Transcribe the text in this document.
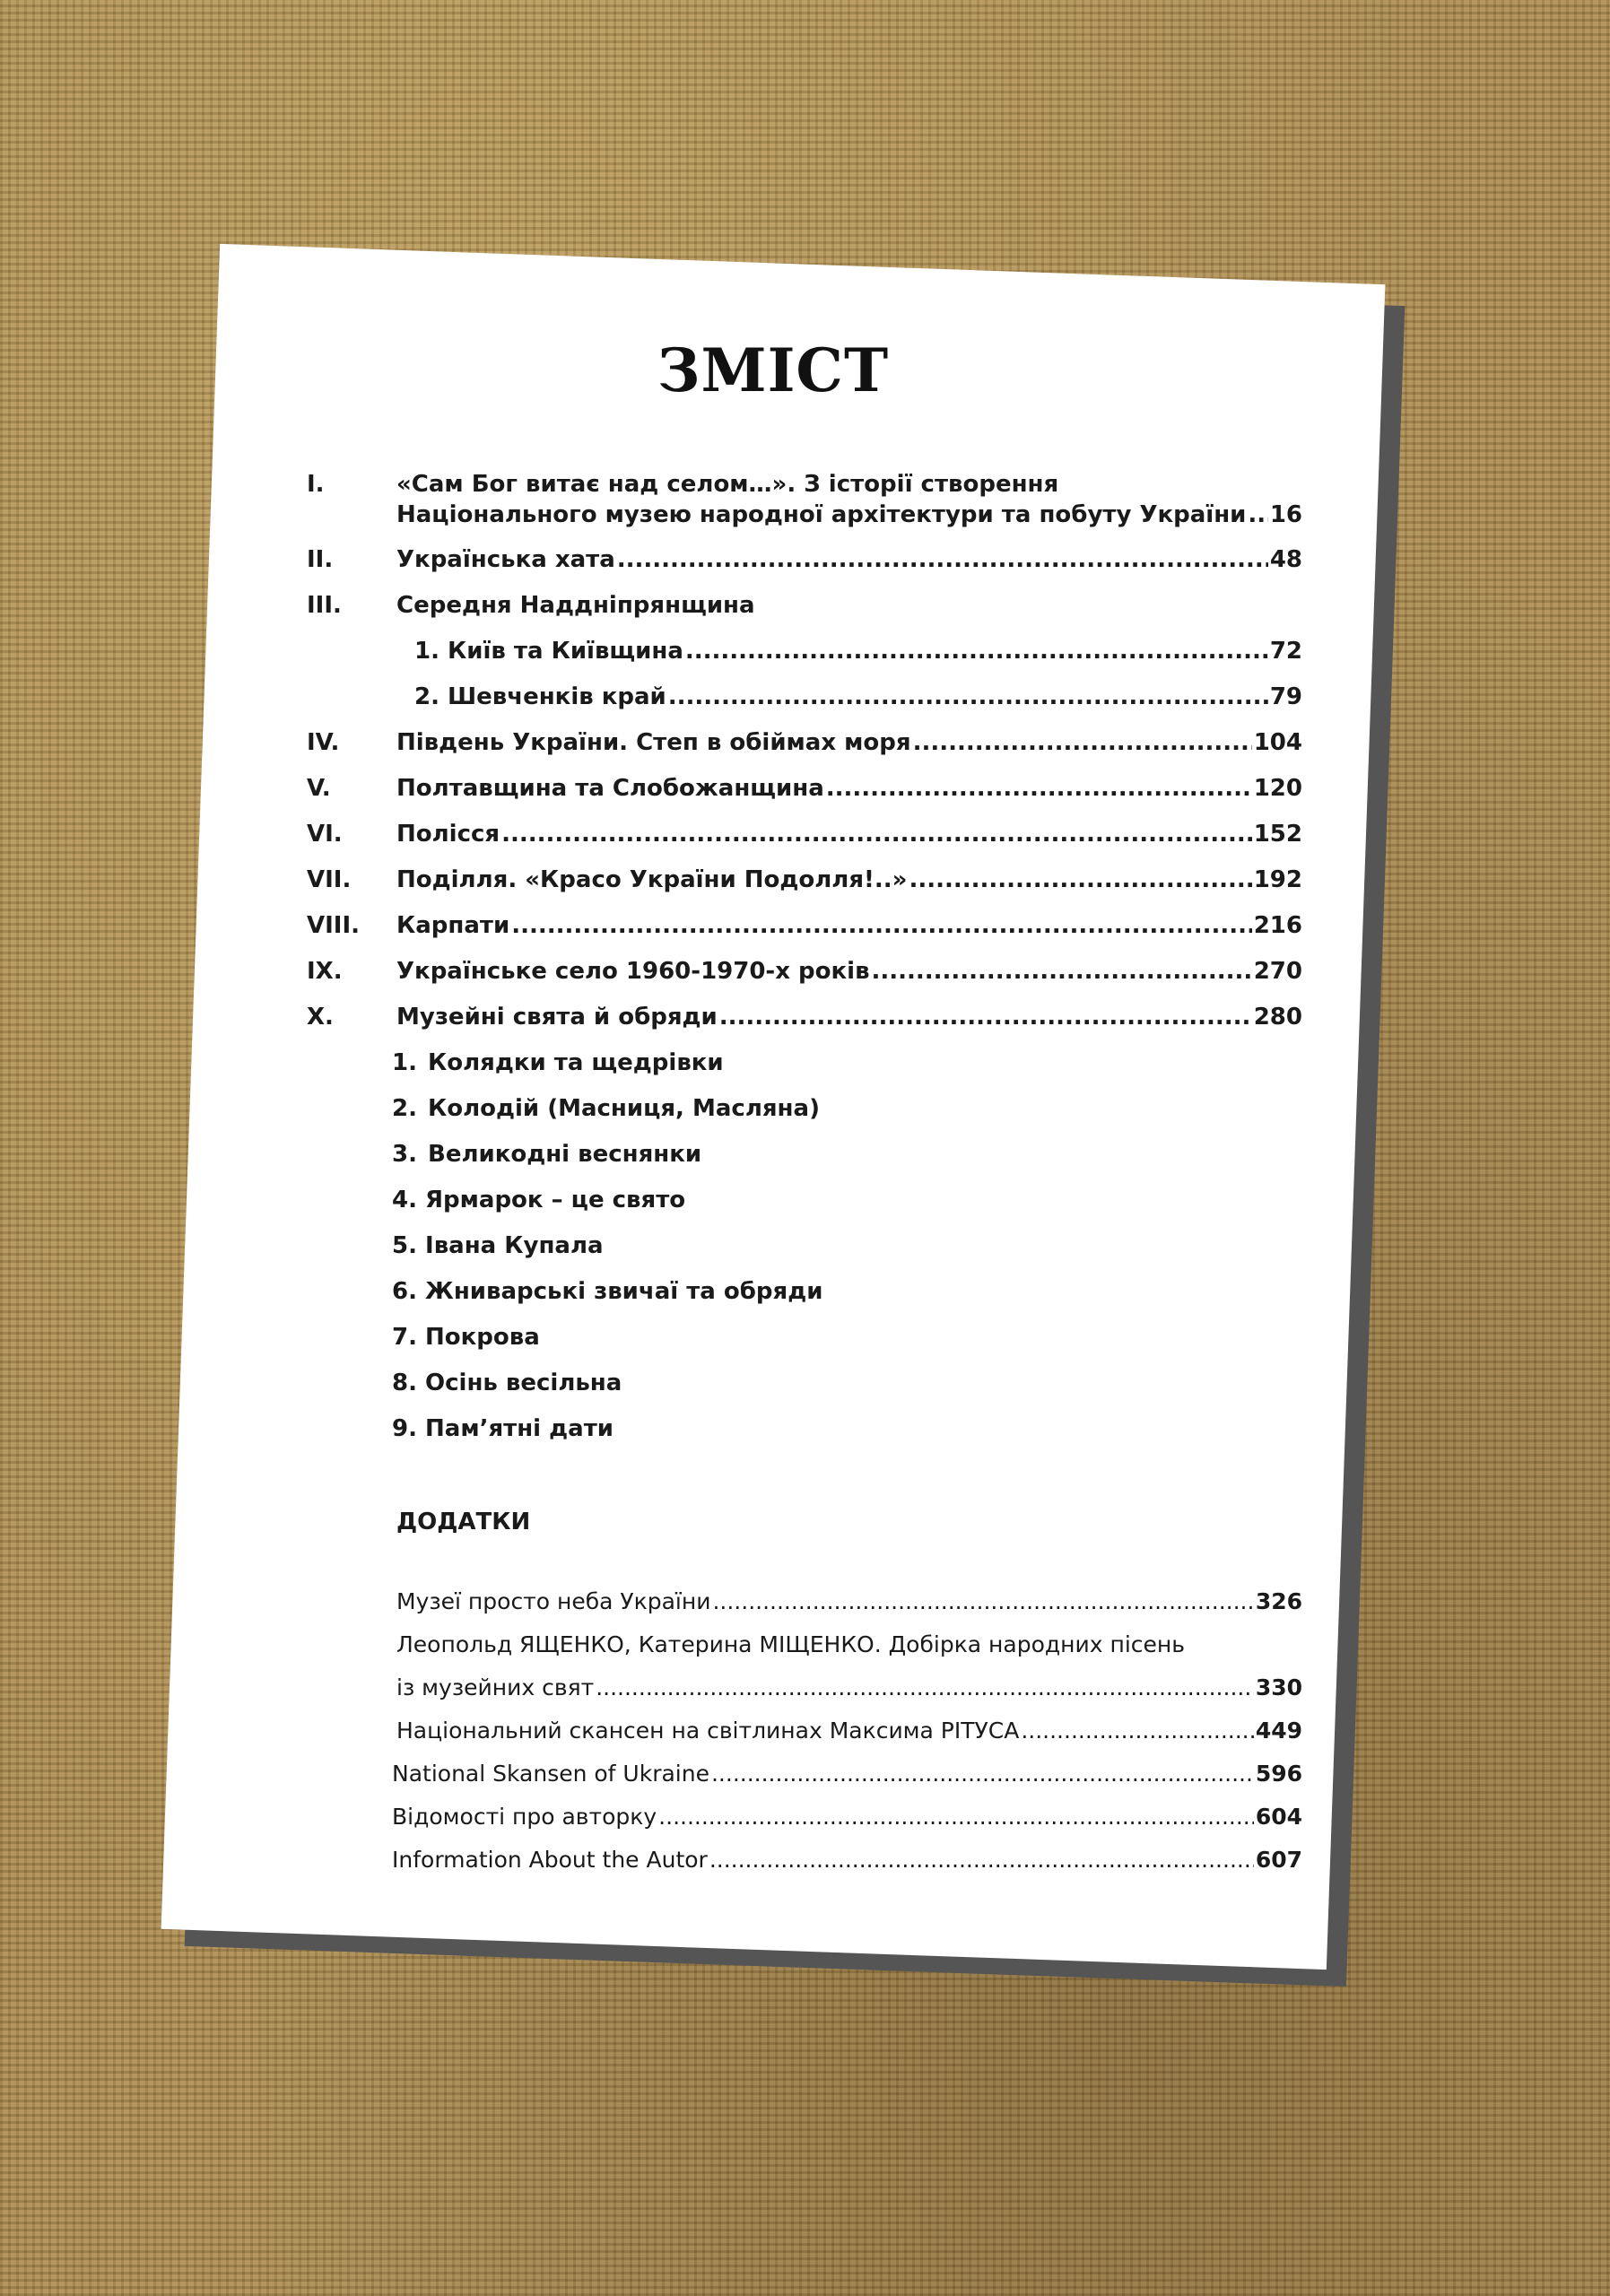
ЗМІСТ
I.	«Сам Бог витає над селом…». З історії створення
Національного музею народної архітектури та побуту України ..... 16
II.	Українська хата .....	48
III. Середня Наддніпрянщина
1. Київ та Київщина .....	72
2. Шевченків край .....	79
IV. Південь України. Степ в обіймах моря .....	104
V.	Полтавщина та Слобожанщина .....	120
VI. Полісся .....	152
VII. Поділля. «Красо України Подолля!..» .....	192
VIII. Карпати .....	216
IX. Українське село 1960-1970-х років .....	270
X.	Музейні свята й обряди .....	280
1. Колядки та щедрівки
2. Колодій (Масниця, Масляна)
3. Великодні веснянки
4. Ярмарок – це свято
5. Івана Купала
6. Жниварські звичаї та обряди
7. Покрова
8. Осінь весільна
9. Пам’ятні дати
ДОДАТКИ
Музеї просто неба України .....	326
Леопольд ЯЩЕНКО, Катерина МІЩЕНКО. Добірка народних пісень
із музейних свят .....	330
Національний скансен на світлинах Максима РІТУСА .....	449
National Skansen of Ukraine .....	596
Відомості про авторку .....	604
Information About the Autor .....	607
